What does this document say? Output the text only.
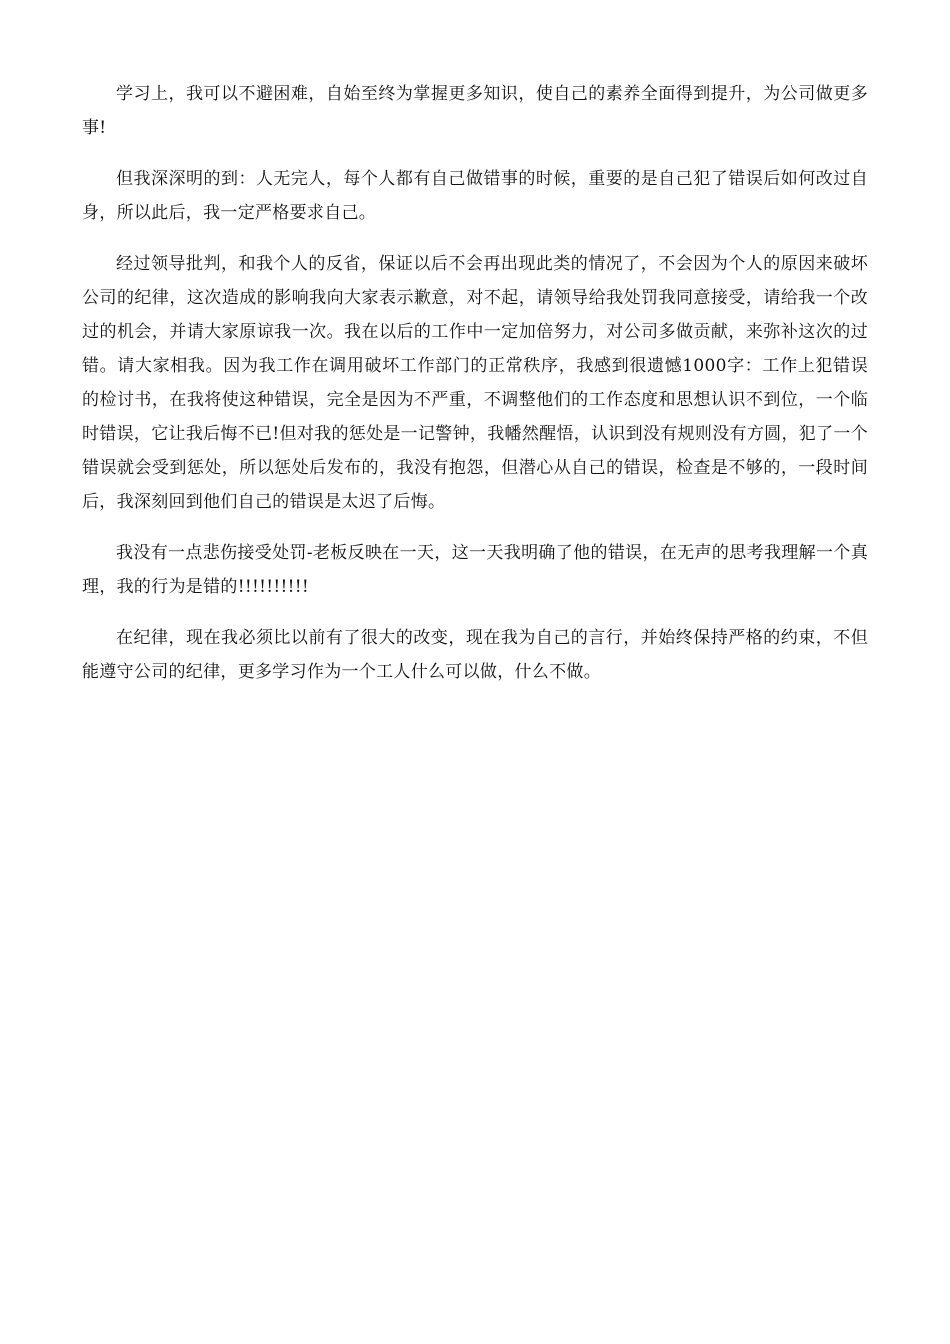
学习上，我可以不避困难，自始至终为掌握更多知识，使自己的素养全面得到提升，为公司做更多事!

但我深深明的到：人无完人，每个人都有自己做错事的时候，重要的是自己犯了错误后如何改过自身，所以此后，我一定严格要求自己。

经过领导批判，和我个人的反省，保证以后不会再出现此类的情况了，不会因为个人的原因来破坏公司的纪律，这次造成的影响我向大家表示歉意，对不起，请领导给我处罚我同意接受，请给我一个改过的机会，并请大家原谅我一次。我在以后的工作中一定加倍努力，对公司多做贡献，来弥补这次的过错。请大家相我。因为我工作在调用破坏工作部门的正常秩序，我感到很遗憾1000字：工作上犯错误的检讨书，在我将使这种错误，完全是因为不严重，不调整他们的工作态度和思想认识不到位，一个临时错误，它让我后悔不已!但对我的惩处是一记警钟，我幡然醒悟，认识到没有规则没有方圆，犯了一个错误就会受到惩处，所以惩处后发布的，我没有抱怨，但潜心从自己的错误，检查是不够的，一段时间后，我深刻回到他们自己的错误是太迟了后悔。

我没有一点悲伤接受处罚-老板反映在一天，这一天我明确了他的错误，在无声的思考我理解一个真理，我的行为是错的!!!!!!!!!!

在纪律，现在我必须比以前有了很大的改变，现在我为自己的言行，并始终保持严格的约束，不但能遵守公司的纪律，更多学习作为一个工人什么可以做，什么不做。
